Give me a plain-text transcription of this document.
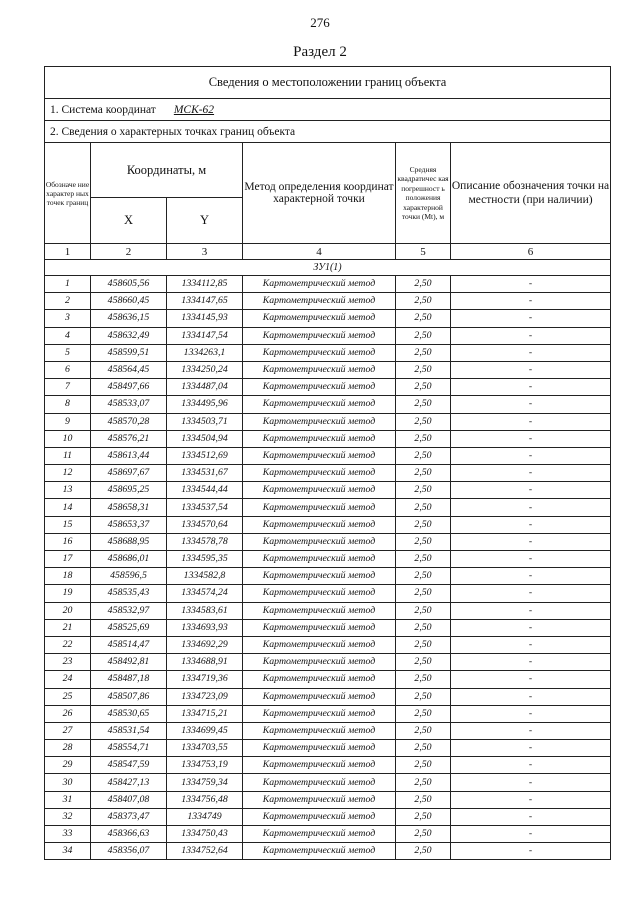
276
Раздел 2
Сведения о местоположении границ объекта					
1. Система координат МСК-62					
2. Сведения о характерных точках границ объекта					
Обозначе ние характер ных точек границ	Координаты, м		Метод определения координат характерной точки	Средняя квадратичес кая погрешност ь положения характерной точки (Mt), м	Описание обозначения точки на местности (при наличии)
	X	Y			
1	2	3	4	5	6
ЗУ1(1)					
1	458605,56	1334112,85	Картометрический метод	2,50	-
2	458660,45	1334147,65	Картометрический метод	2,50	-
3	458636,15	1334145,93	Картометрический метод	2,50	-
4	458632,49	1334147,54	Картометрический метод	2,50	-
5	458599,51	1334263,1	Картометрический метод	2,50	-
6	458564,45	1334250,24	Картометрический метод	2,50	-
7	458497,66	1334487,04	Картометрический метод	2,50	-
8	458533,07	1334495,96	Картометрический метод	2,50	-
9	458570,28	1334503,71	Картометрический метод	2,50	-
10	458576,21	1334504,94	Картометрический метод	2,50	-
11	458613,44	1334512,69	Картометрический метод	2,50	-
12	458697,67	1334531,67	Картометрический метод	2,50	-
13	458695,25	1334544,44	Картометрический метод	2,50	-
14	458658,31	1334537,54	Картометрический метод	2,50	-
15	458653,37	1334570,64	Картометрический метод	2,50	-
16	458688,95	1334578,78	Картометрический метод	2,50	-
17	458686,01	1334595,35	Картометрический метод	2,50	-
18	458596,5	1334582,8	Картометрический метод	2,50	-
19	458535,43	1334574,24	Картометрический метод	2,50	-
20	458532,97	1334583,61	Картометрический метод	2,50	-
21	458525,69	1334693,93	Картометрический метод	2,50	-
22	458514,47	1334692,29	Картометрический метод	2,50	-
23	458492,81	1334688,91	Картометрический метод	2,50	-
24	458487,18	1334719,36	Картометрический метод	2,50	-
25	458507,86	1334723,09	Картометрический метод	2,50	-
26	458530,65	1334715,21	Картометрический метод	2,50	-
27	458531,54	1334699,45	Картометрический метод	2,50	-
28	458554,71	1334703,55	Картометрический метод	2,50	-
29	458547,59	1334753,19	Картометрический метод	2,50	-
30	458427,13	1334759,34	Картометрический метод	2,50	-
31	458407,08	1334756,48	Картометрический метод	2,50	-
32	458373,47	1334749	Картометрический метод	2,50	-
33	458366,63	1334750,43	Картометрический метод	2,50	-
34	458356,07	1334752,64	Картометрический метод	2,50	-
